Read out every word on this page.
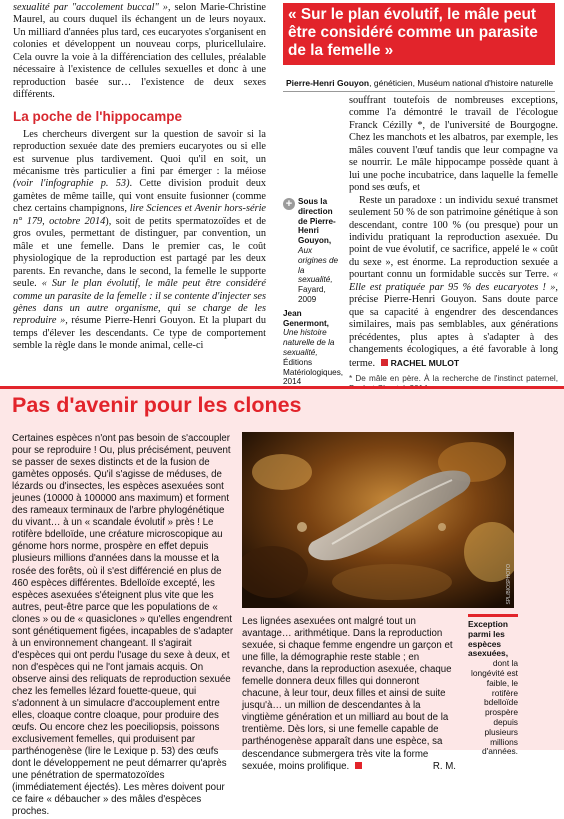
sexualité par "accolement buccal" », selon Marie-Christine Maurel, au cours duquel ils échangent un de leurs noyaux. Un milliard d'années plus tard, ces eucaryotes s'organisent en colonies et développent un nouveau corps, pluricellulaire. Cela ouvre la voie à la différenciation des cellules, préalable nécessaire à l'existence de cellules sexuelles et donc à une reproduction basée sur… l'existence de deux sexes différents.

La poche de l'hippocampe

Les chercheurs divergent sur la question de savoir si la reproduction sexuée date des premiers eucaryotes ou si elle est survenue plus tardivement. Quoi qu'il en soit, un mécanisme très particulier a fini par émerger : la méiose (voir l'infographie p. 53). Cette division produit deux gamètes de même taille, qui vont ensuite fusionner (comme chez certains champignons, lire Sciences et Avenir hors-série n° 179, octobre 2014), soit de petits spermatozoïdes et de gros ovules, permettant de distinguer, par convention, un mâle et une femelle. Dans le premier cas, le coût physiologique de la reproduction est partagé par les deux parents. En revanche, dans le second, la femelle le supporte seule. « Sur le plan évolutif, le mâle peut être considéré comme un parasite de la femelle : il se contente d'injecter ses gènes dans un autre organisme, qui se charge de les reproduire », résume Pierre-Henri Gouyon. Et la plupart du temps d'élever les descendants. Ce type de comportement semble la règle dans le monde animal, celle-ci

« Sur le plan évolutif, le mâle peut être considéré comme un parasite de la femelle »
Pierre-Henri Gouyon, généticien, Muséum national d'histoire naturelle
+ Sous la direction de Pierre-Henri Gouyon, Aux origines de la sexualité, Fayard, 2009
Jean Genermont, Une histoire naturelle de la sexualité, Éditions Matériologiques, 2014

souffrant toutefois de nombreuses exceptions, comme l'a démontré le travail de l'écologue Franck Cézilly *, de l'université de Bourgogne. Chez les manchots et les albatros, par exemple, les mâles couvent l'œuf tandis que leur compagne va se nourrir. Le mâle hippocampe possède quant à lui une poche incubatrice, dans laquelle la femelle pond ses œufs, et

Reste un paradoxe : un individu sexué transmet seulement 50 % de son patrimoine génétique à son descendant, contre 100 % (ou presque) pour un individu pratiquant la reproduction asexuée. Du point de vue évolutif, ce sacrifice, appelé le « coût du sexe », est énorme. La reproduction sexuée a pourtant connu un formidable succès sur Terre. « Elle est pratiquée par 95 % des eucaryotes ! », précise Pierre-Henri Gouyon. Sans doute parce que sa capacité à engendrer des descendances similaires, mais pas semblables, aux générations précédentes, plus aptes à s'adapter à des changements écologiques, a été favorable à long terme. RACHEL MULOT

* De mâle en père. À la recherche de l'instinct paternel,

Pas d'avenir pour les clones
Certaines espèces n'ont pas besoin de s'accoupler pour se reproduire ! Ou, plus précisément, peuvent se passer de sexes distincts et de la fusion de gamètes opposés. Qu'il s'agisse de méduses, de lézards ou d'insectes, les espèces asexuées sont jeunes (10000 à 100000 ans maximum) et forment des rameaux terminaux de l'arbre phylogénétique du vivant… à un « scandale évolutif » près ! Le rotifère bdelloïde, une créature microscopique au génome hors norme, prospère en effet depuis plusieurs millions d'années dans la mousse et la rosée des forêts, où il s'est différencié en plus de 460 espèces différentes. Bdelloïde excepté, les espèces asexuées s'éteignent plus vite que les autres, peut-être parce que les populations de « clones » ou de « quasiclones » qu'elles engendrent sont génétiquement figées, incapables de s'adapter à un environnement changeant. Il s'agirait d'espèces qui ont perdu l'usage du sexe à deux, et non d'espèces qui ne l'ont jamais acquis. On observe ainsi des reliquats de reproduction sexuée chez les femelles lézard fouette-queue, qui s'adonnent à un simulacre d'accouplement entre elles, cloaque contre cloaque, pour produire des œufs. Ou encore chez les poeciliopsis, poissons exclusivement femelles, qui produisent par parthénogenèse (lire le Lexique p. 53) des œufs dont le développement ne peut démarrer qu'après une pénétration de spermatozoïdes (immédiatement éjectés). Les mères doivent pour ce faire « débaucher » des mâles d'espèces proches.
SPL/BIOSPHOTO
Les lignées asexuées ont malgré tout un avantage… arithmétique. Dans la reproduction sexuée, si chaque femme engendre un garçon et une fille, la démographie reste stable ; en revanche, dans la reproduction asexuée, chaque femelle donnera deux filles qui donneront chacune, à leur tour, deux filles et ainsi de suite jusqu'à… un million de descendantes à la vingtième génération et un milliard au bout de la trentième. Dès lors, si une femelle capable de parthénogenèse apparaît dans une espèce, sa descendance submergera très vite la forme sexuée, moins prolifique.	R. M.
Exception parmi les espèces asexuées,
dont la longévité est faible, le rotifère bdelloïde prospère depuis plusieurs millions d'années.
